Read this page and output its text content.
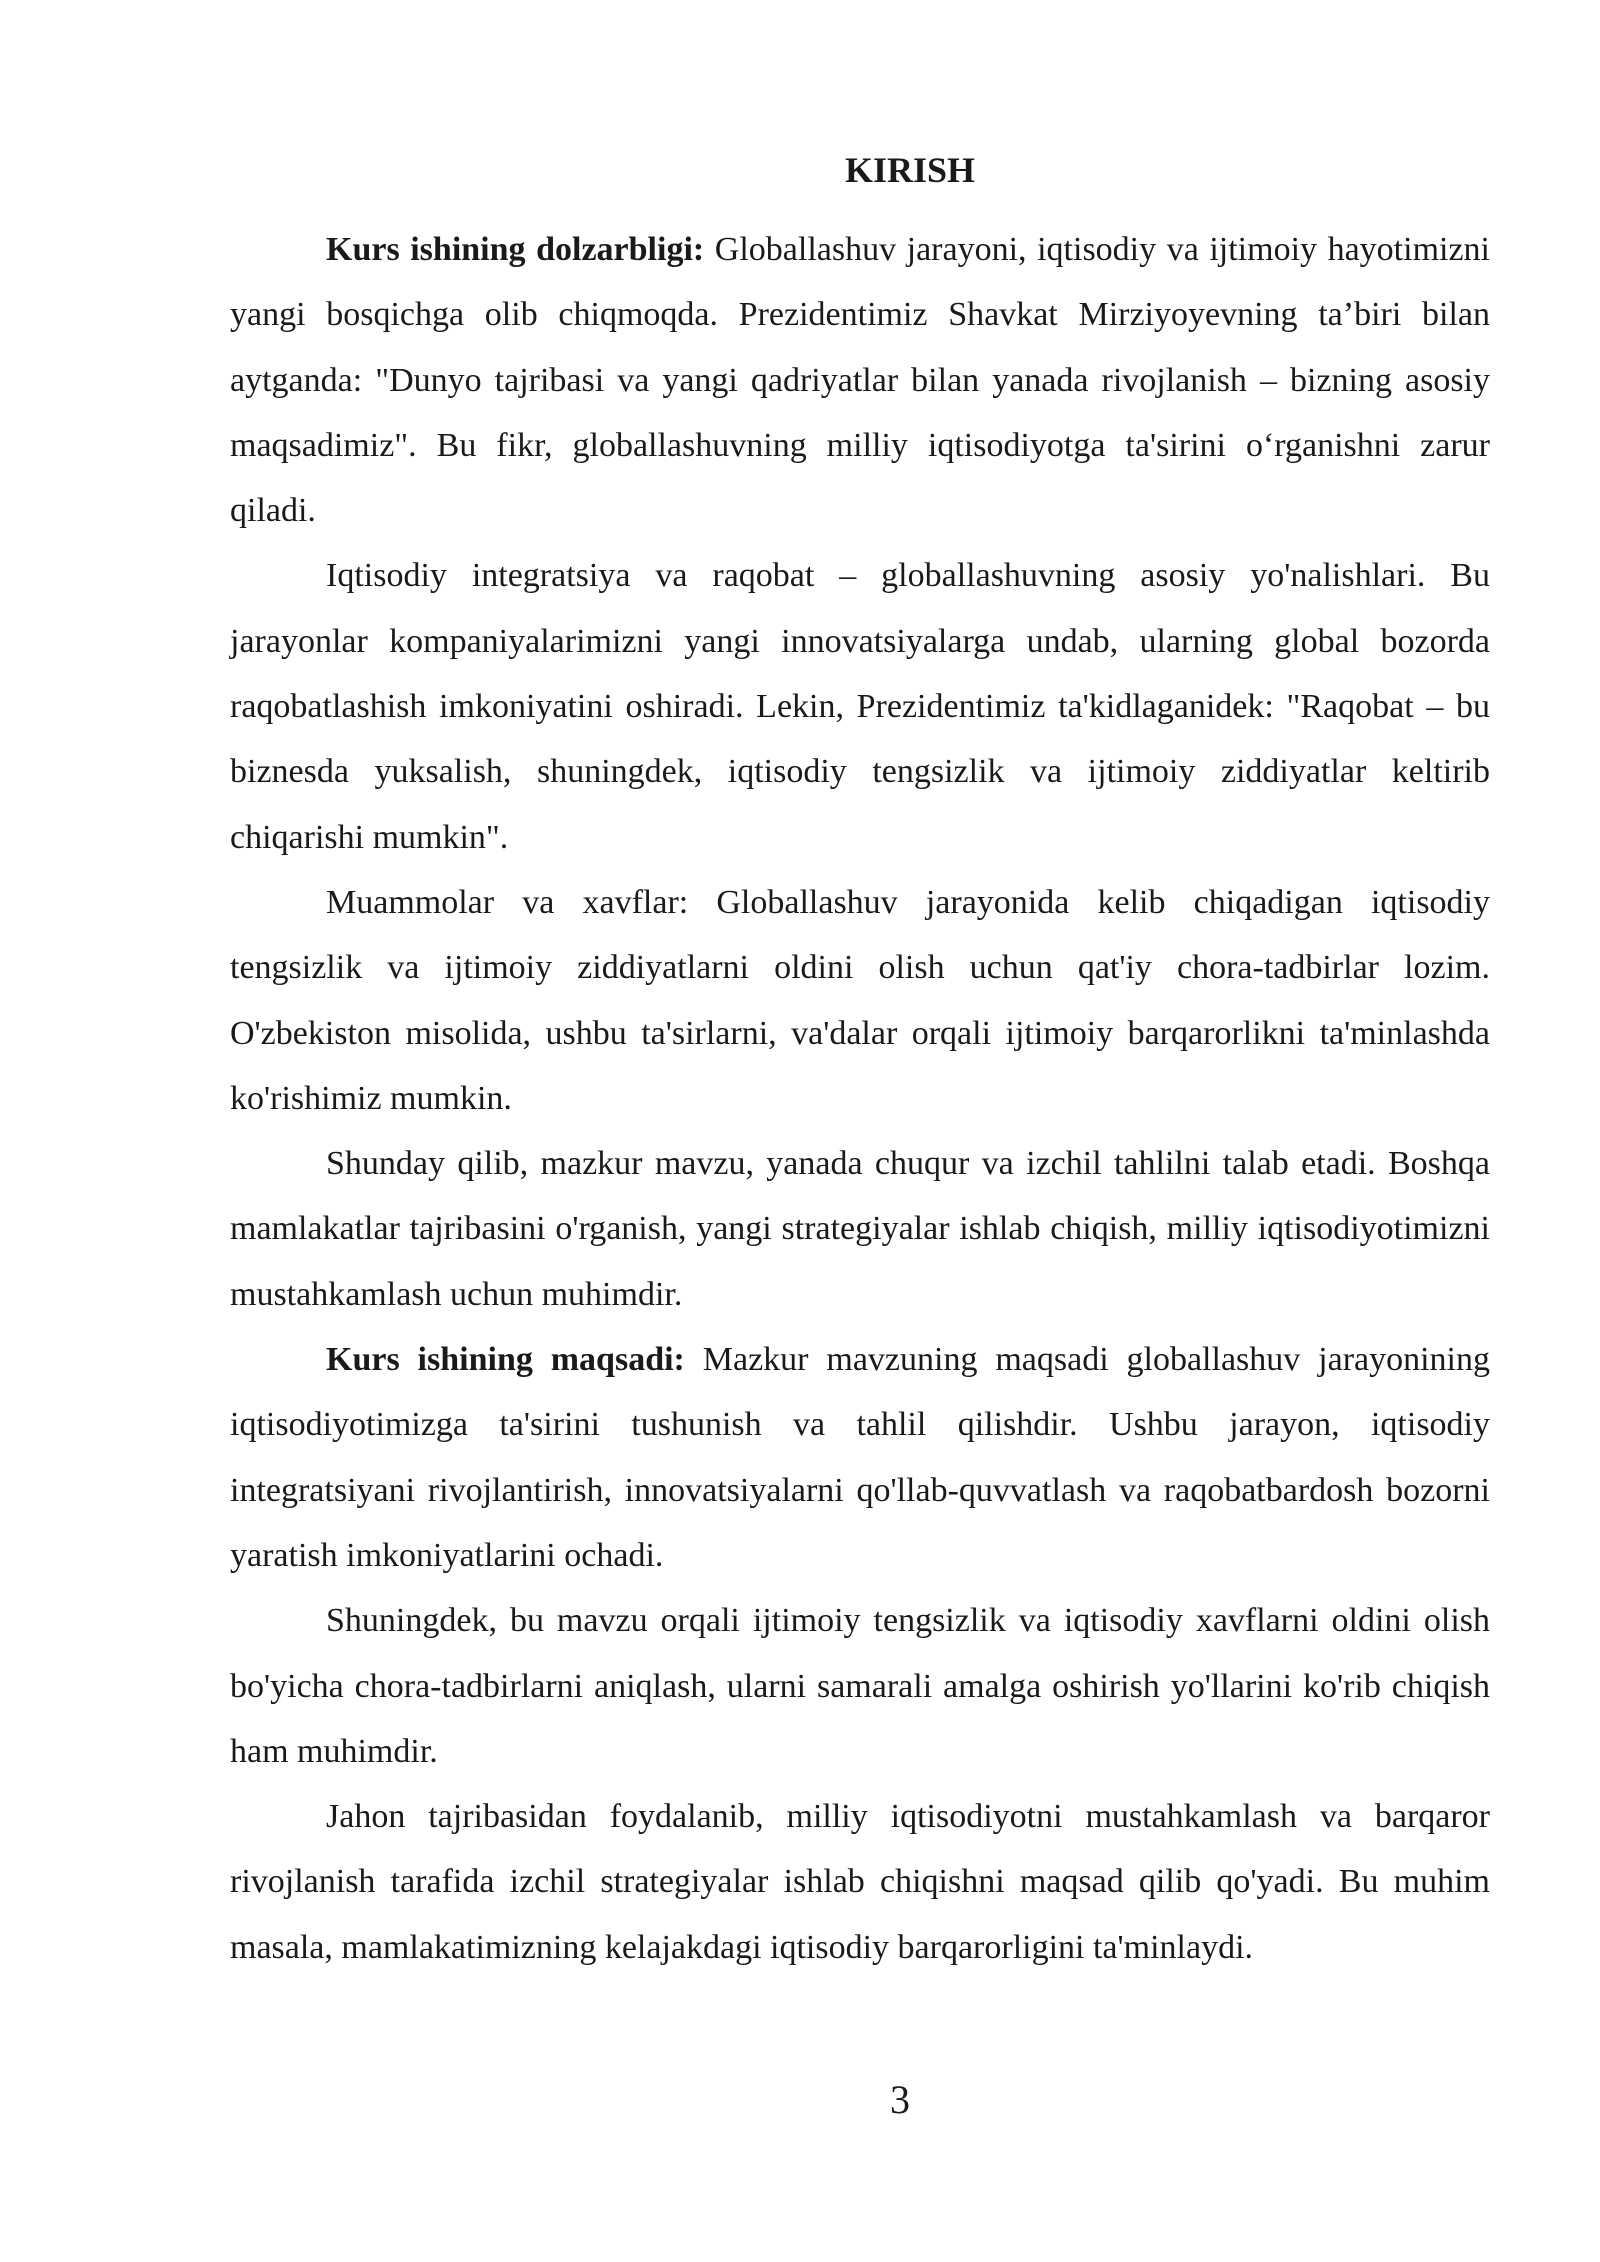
KIRISH

Kurs ishining dolzarbligi: Globallashuv jarayoni, iqtisodiy va ijtimoiy hayotimizni yangi bosqichga olib chiqmoqda. Prezidentimiz Shavkat Mirziyoyevning ta’biri bilan aytganda: "Dunyo tajribasi va yangi qadriyatlar bilan yanada rivojlanish – bizning asosiy maqsadimiz". Bu fikr, globallashuvning milliy iqtisodiyotga ta'sirini o‘rganishni zarur qiladi.

Iqtisodiy integratsiya va raqobat – globallashuvning asosiy yo'nalishlari. Bu jarayonlar kompaniyalarimizni yangi innovatsiyalarga undab, ularning global bozorda raqobatlashish imkoniyatini oshiradi. Lekin, Prezidentimiz ta'kidlaganidek: "Raqobat – bu biznesda yuksalish, shuningdek, iqtisodiy tengsizlik va ijtimoiy ziddiyatlar keltirib chiqarishi mumkin".

Muammolar va xavflar: Globallashuv jarayonida kelib chiqadigan iqtisodiy tengsizlik va ijtimoiy ziddiyatlarni oldini olish uchun qat'iy chora-tadbirlar lozim. O'zbekiston misolida, ushbu ta'sirlarni, va'dalar orqali ijtimoiy barqarorlikni ta'minlashda ko'rishimiz mumkin.

Shunday qilib, mazkur mavzu, yanada chuqur va izchil tahlilni talab etadi. Boshqa mamlakatlar tajribasini o'rganish, yangi strategiyalar ishlab chiqish, milliy iqtisodiyotimizni mustahkamlash uchun muhimdir.

Kurs ishining maqsadi: Mazkur mavzuning maqsadi globallashuv jarayonining iqtisodiyotimizga ta'sirini tushunish va tahlil qilishdir. Ushbu jarayon, iqtisodiy integratsiyani rivojlantirish, innovatsiyalarni qo'llab-quvvatlash va raqobatbardosh bozorni yaratish imkoniyatlarini ochadi.

Shuningdek, bu mavzu orqali ijtimoiy tengsizlik va iqtisodiy xavflarni oldini olish bo'yicha chora-tadbirlarni aniqlash, ularni samarali amalga oshirish yo'llarini ko'rib chiqish ham muhimdir.

Jahon tajribasidan foydalanib, milliy iqtisodiyotni mustahkamlash va barqaror rivojlanish tarafida izchil strategiyalar ishlab chiqishni maqsad qilib qo'yadi. Bu muhim masala, mamlakatimizning kelajakdagi iqtisodiy barqarorligini ta'minlaydi.

3
